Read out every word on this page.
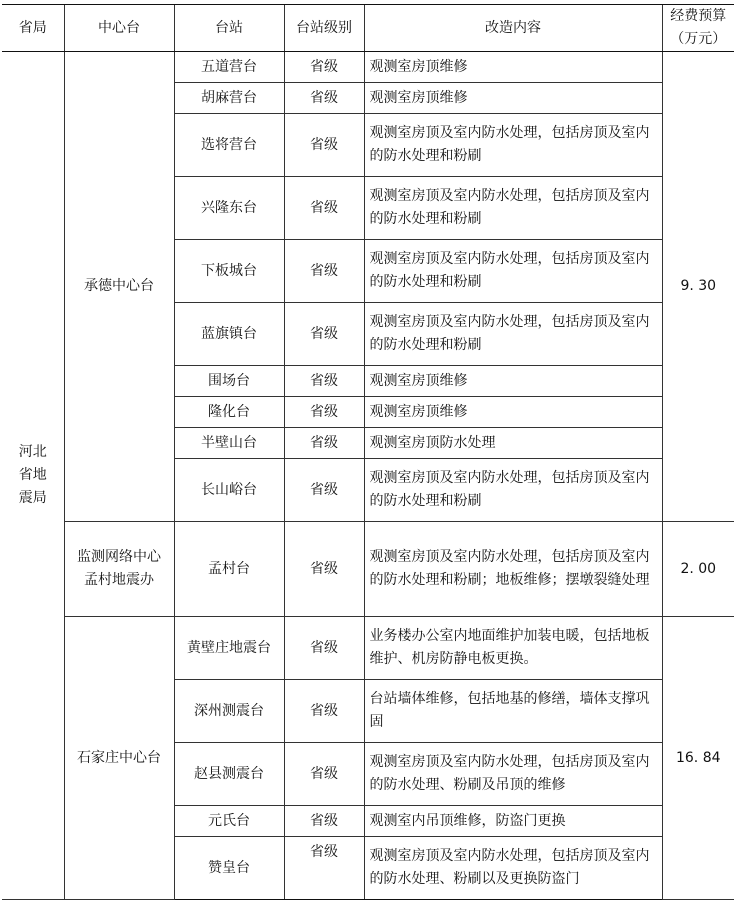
省局	中心台	台站	台站级别	改造内容	经费预算
（万元）
河北省地震局	承德中心台	五道营台	省级	观测室房顶维修	9. 30
		胡麻营台	省级	观测室房顶维修	
		选将营台	省级	观测室房顶及室内防水处理，包括房顶及室内的防水处理和粉刷	
		兴隆东台	省级	观测室房顶及室内防水处理，包括房顶及室内的防水处理和粉刷	
		下板城台	省级	观测室房顶及室内防水处理，包括房顶及室内的防水处理和粉刷	
		蓝旗镇台	省级	观测室房顶及室内防水处理，包括房顶及室内的防水处理和粉刷	
		围场台	省级	观测室房顶维修	
		隆化台	省级	观测室房顶维修	
		半壁山台	省级	观测室房顶防水处理	
		长山峪台	省级	观测室房顶及室内防水处理，包括房顶及室内的防水处理和粉刷	
	监测网络中心孟村地震办	孟村台	省级	观测室房顶及室内防水处理，包括房顶及室内的防水处理和粉刷；地板维修；摆墩裂缝处理	2. 00
	石家庄中心台	黄壁庄地震台	省级	业务楼办公室内地面维护加装电暖，包括地板维护、机房防静电板更换。	16. 84
		深州测震台	省级	台站墙体维修，包括地基的修缮，墙体支撑巩固	
		赵县测震台	省级	观测室房顶及室内防水处理，包括房顶及室内的防水处理、粉刷及吊顶的维修	
		元氏台	省级	观测室内吊顶维修，防盗门更换	
		赞皇台	省级	观测室房顶及室内防水处理，包括房顶及室内的防水处理、粉刷以及更换防盗门	
